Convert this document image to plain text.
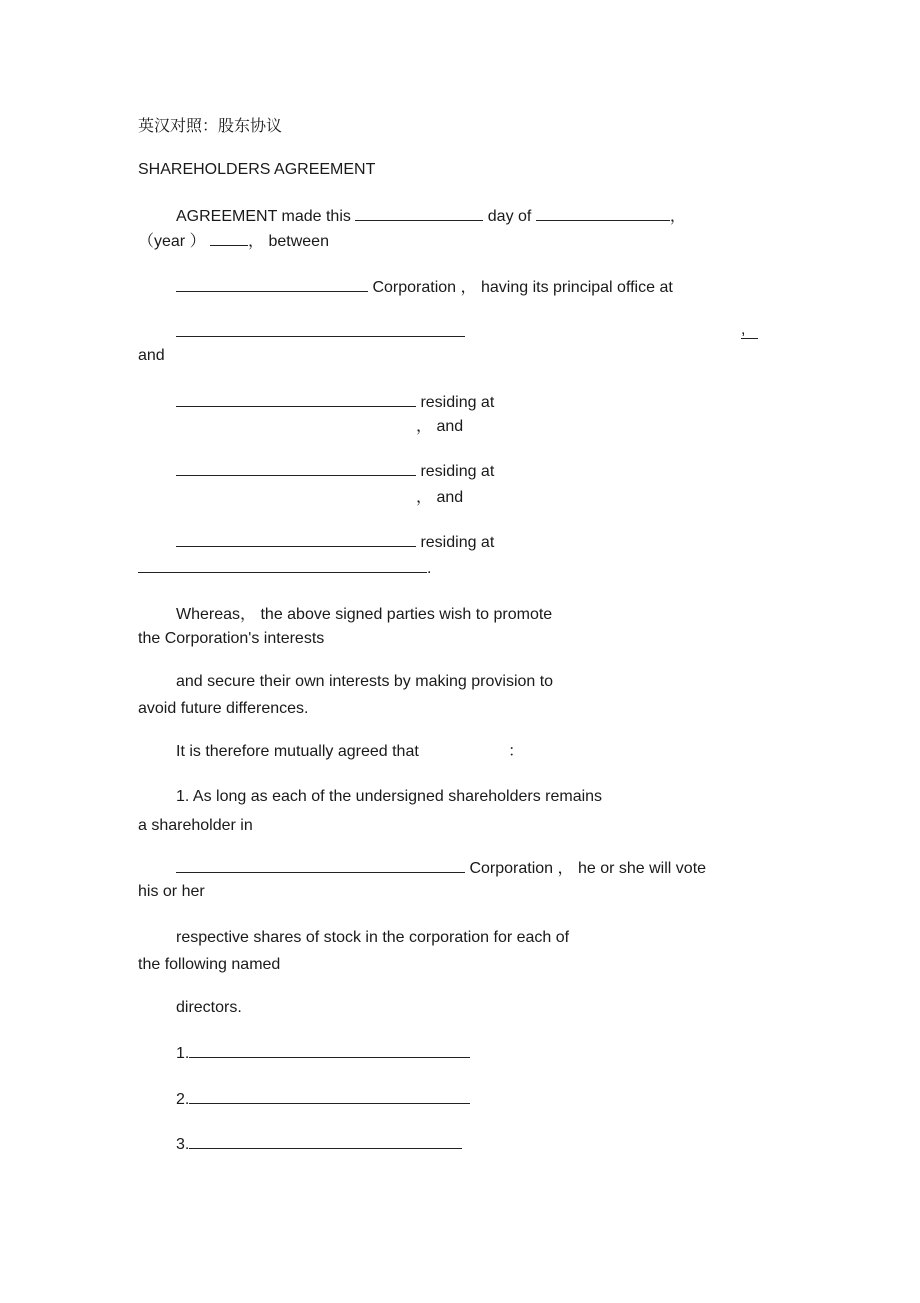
英汉对照：股东协议
SHAREHOLDERS AGREEMENT
AGREEMENT made this	day of	，
（year ）	， between
Corporation ， having its principal office at
,
and
residing at
， and
residing at
， and
residing at
.
Whereas， the above signed parties wish to promote
the Corporation's interests
and secure their own interests by making provision to
avoid future differences.
It is therefore mutually agreed that	：
1. As long as each of the undersigned shareholders remains
a shareholder in
Corporation ， he or she will vote
his or her
respective shares of stock in the corporation for each of
the following named
directors.
1.
2.
3.
